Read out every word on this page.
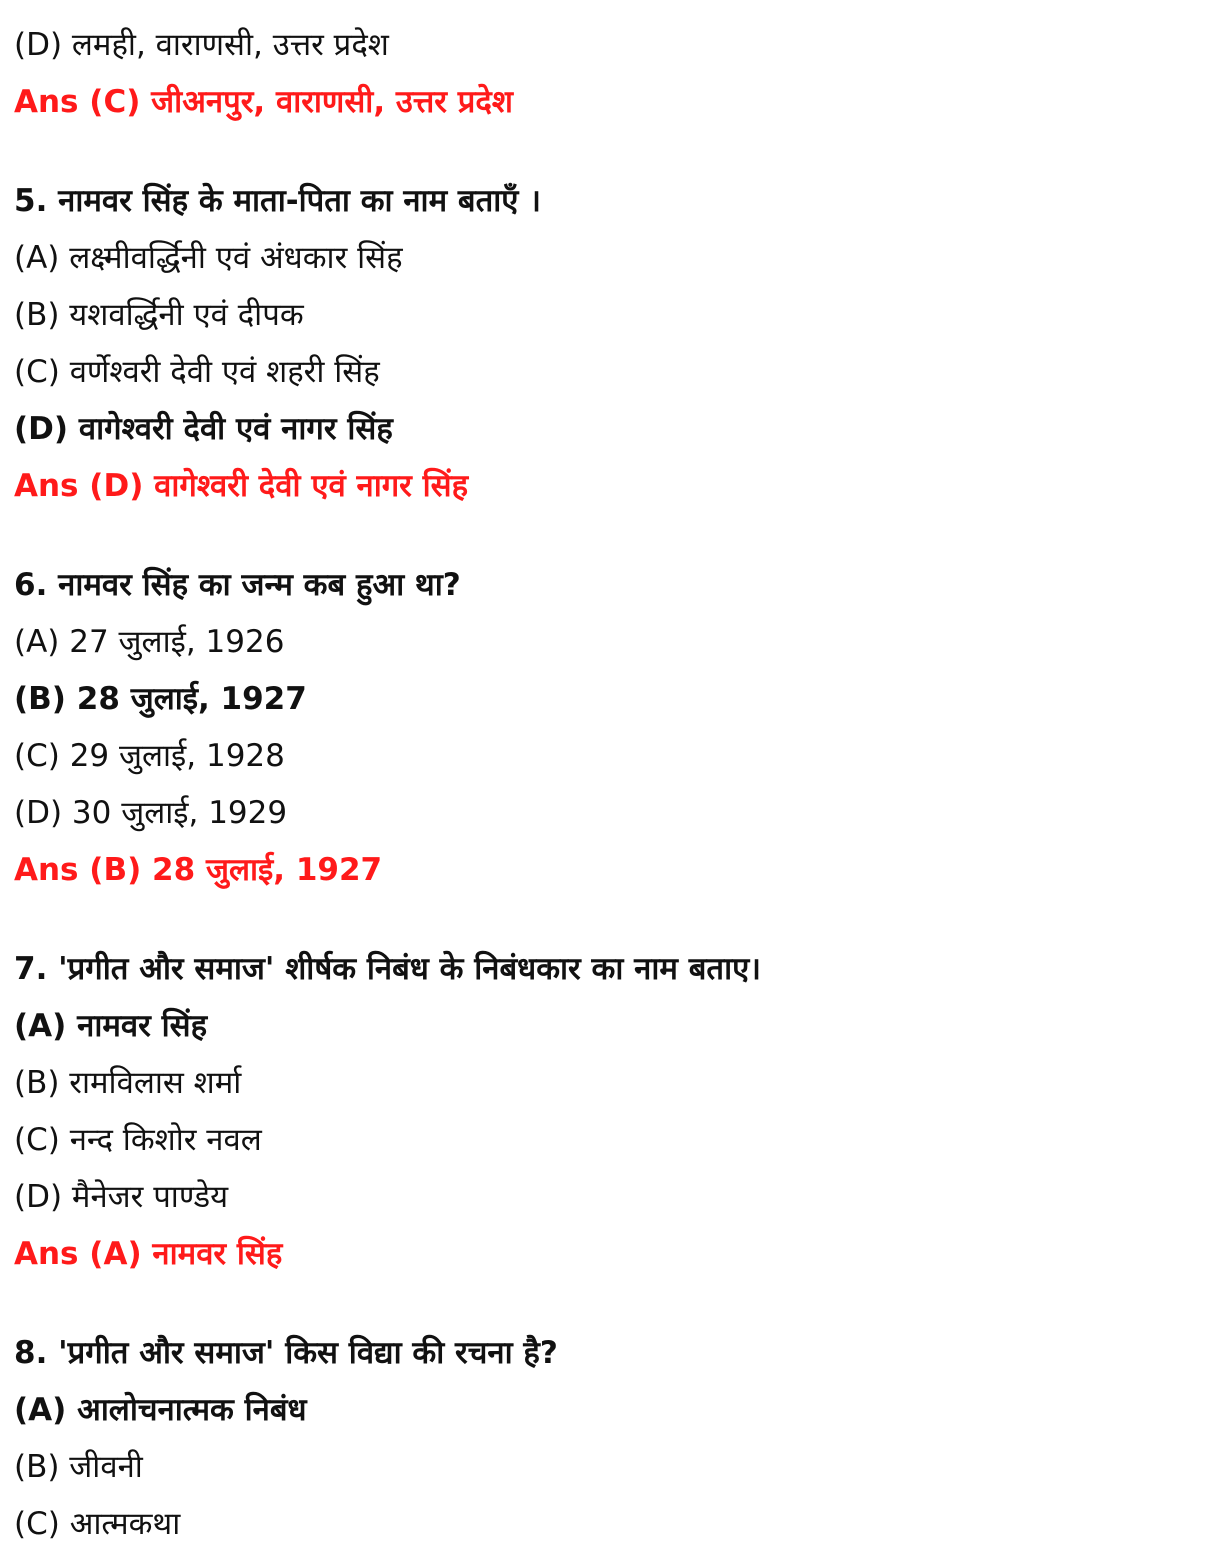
(D) लमही, वाराणसी, उत्तर प्रदेश
Ans (C) जीअनपुर, वाराणसी, उत्तर प्रदेश
5. नामवर सिंह के माता-पिता का नाम बताएँ ।
(A) लक्ष्मीवर्द्धिनी एवं अंधकार सिंह
(B) यशवर्द्धिनी एवं दीपक
(C) वर्णेश्वरी देवी एवं शहरी सिंह
(D) वागेश्वरी देवी एवं नागर सिंह
Ans (D) वागेश्वरी देवी एवं नागर सिंह
6. नामवर सिंह का जन्म कब हुआ था?
(A) 27 जुलाई, 1926
(B) 28 जुलाई, 1927
(C) 29 जुलाई, 1928
(D) 30 जुलाई, 1929
Ans (B) 28 जुलाई, 1927
7. 'प्रगीत और समाज' शीर्षक निबंध के निबंधकार का नाम बताए।
(A) नामवर सिंह
(B) रामविलास शर्मा
(C) नन्द किशोर नवल
(D) मैनेजर पाण्डेय
Ans (A) नामवर सिंह
8. 'प्रगीत और समाज' किस विद्या की रचना है?
(A) आलोचनात्मक निबंध
(B) जीवनी
(C) आत्मकथा
